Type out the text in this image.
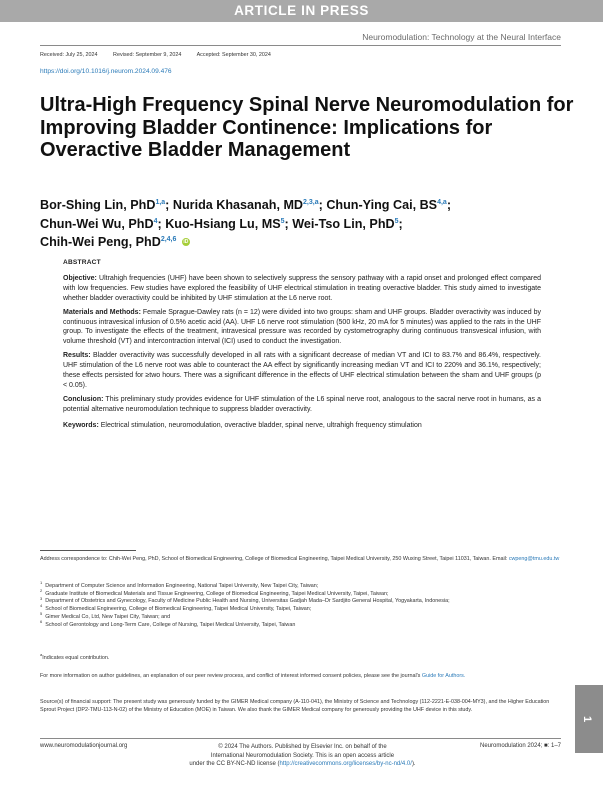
ARTICLE IN PRESS
Neuromodulation: Technology at the Neural Interface
Received: July 25, 2024	Revised: September 9, 2024	Accepted: September 30, 2024
https://doi.org/10.1016/j.neurom.2024.09.476
Ultra-High Frequency Spinal Nerve Neuromodulation for Improving Bladder Continence: Implications for Overactive Bladder Management
Bor-Shing Lin, PhD$^{1,a}$; Nurida Khasanah, MD$^{2,3,a}$; Chun-Ying Cai, BS$^{4,a}$;
Chun-Wei Wu, PhD$^4$; Kuo-Hsiang Lu, $MS^5$; Wei-Tso Lin, PhD$^5$;
Chih-Wei Peng, PhD$^{2,4,6}$ iD
ABSTRACT

Objective: Ultrahigh frequencies (UHF) have been shown to selectively suppress the sensory pathway with a rapid onset and prolonged effect compared with low frequencies. Few studies have explored the feasibility of UHF electrical stimulation in treating overactive bladder. This study aimed to investigate whether bladder overactivity could be inhibited by UHF stimulation at the L6 nerve root.

Materials and Methods: Female Sprague-Dawley rats (n = 12) were divided into two groups: sham and UHF groups. Bladder overactivity was induced by continuous intravesical infusion of 0.5% acetic acid (AA). UHF L6 nerve root stimulation (500 kHz, 20 mA for 5 minutes) was applied to the rats in the UHF group. To investigate the effects of the treatment, intravesical pressure was recorded by cystometrography during continuous transvesical infusion, with volume threshold (VT) and intercontraction interval (ICI) used to conduct the investigation.

Results: Bladder overactivity was successfully developed in all rats with a significant decrease of median VT and ICI to 83.7% and 86.4%, respectively. UHF stimulation of the L6 nerve root was able to counteract the AA effect by significantly increasing median VT and ICI to 220% and 36.1%, respectively; these effects persisted for ≥two hours. There was a significant difference in the effects of UHF electrical stimulation between the sham and UHF groups (p < 0.05).

Conclusion: This preliminary study provides evidence for UHF stimulation of the L6 spinal nerve root, analogous to the sacral nerve root in humans, as a potential alternative neuromodulation technique to suppress bladder overactivity.

Keywords: Electrical stimulation, neuromodulation, overactive bladder, spinal nerve, ultrahigh frequency stimulation

Address correspondence to: Chih-Wei Peng, PhD, School of Biomedical Engineering, College of Biomedical Engineering, Taipei Medical University, 250 Wuxing Street, Taipei 11031, Taiwan. Email: cwpeng@tmu.edu.tw
$^1$Department of Computer Science and Information Engineering, National Taipei University, New Taipei City, Taiwan;
$^2$Graduate Institute of Biomedical Materials and Tissue Engineering, College of Biomedical Engineering, Taipei Medical University, Taipei, Taiwan;
$^3$Department of Obstetrics and Gynecology, Faculty of Medicine Public Health and Nursing, Universitas Gadjah Mada–Dr Sardjito General Hospital, Yogyakarta, Indonesia;
$^4$School of Biomedical Engineering, College of Biomedical Engineering, Taipei Medical University, Taipei, Taiwan;
$^5$Gimer Medical Co, Ltd, New Taipei City, Taiwan; and
$^6$School of Gerontology and Long-Term Care, College of Nursing, Taipei Medical University, Taipei, Taiwan
$^a$Indicates equal contribution.
For more information on author guidelines, an explanation of our peer review process, and conflict of interest informed consent policies, please see the journal's Guide for Authors.
Source(s) of financial support: The present study was generously funded by the GIMER Medical company (A-110-041), the Ministry of Science and Technology (112-2221-E-038-004-MY3), and the Higher Education Sprout Project (DP2-TMU-113-N-02) of the Ministry of Education (MOE) in Taiwan. We also thank the GIMER Medical company for generously providing the UHF device in this study.
www.neuromodulationjournal.org	© 2024 The Authors. Published by Elsevier Inc. on behalf of the
International Neuromodulation Society. This is an open access article
under the CC BY-NC-ND license (http://creativecommons.org/licenses/by-nc-nd/4.0/).
Neuromodulation 2024; ■: 1–7
1
